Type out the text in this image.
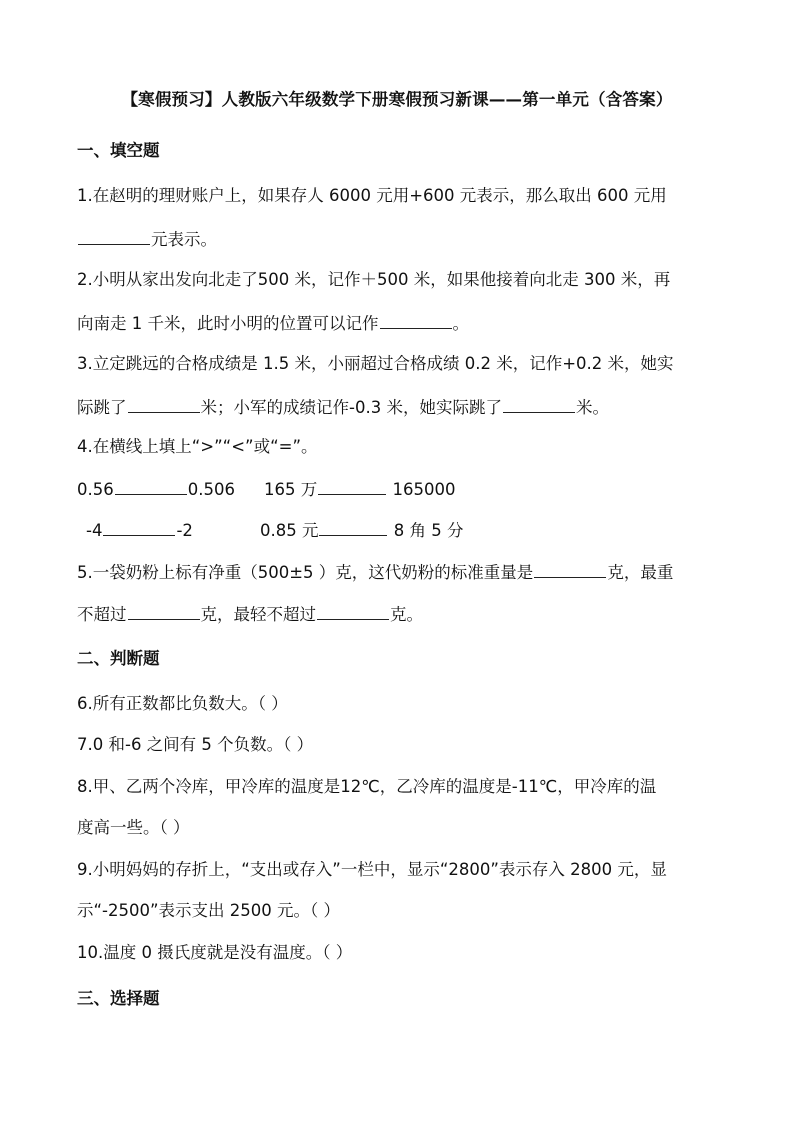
【寒假预习】人教版六年级数学下册寒假预习新课——第一单元（含答案）
一、填空题
1.在赵明的理财账户上，如果存人 6000 元用+600 元表示，那么取出 600 元用
元表示。
2.小明从家出发向北走了500 米，记作＋500 米，如果他接着向北走 300 米，再
向南走 1 千米，此时小明的位置可以记作	。
3.立定跳远的合格成绩是 1.5 米，小丽超过合格成绩 0.2 米，记作+0.2 米，她实
际跳了	米；小军的成绩记作-0.3 米，她实际跳了	米。
4.在横线上填上“>”“<”或“=”。
0.56	0.506 165 万	165000
-4	-2	0.85 元	8 角 5 分
5.一袋奶粉上标有净重（500±5 ）克，这代奶粉的标准重量是	克，最重
不超过	克，最轻不超过	克。
二、判断题
6.所有正数都比负数大。（ ）
7.0 和-6 之间有 5 个负数。（ ）
8.甲、乙两个冷库，甲冷库的温度是12℃，乙冷库的温度是-11℃，甲冷库的温
度高一些。（ ）
9.小明妈妈的存折上，“支出或存入”一栏中，显示“2800”表示存入 2800 元，显
示“-2500”表示支出 2500 元。（ ）
10.温度 0 摄氏度就是没有温度。（ ）
三、选择题
